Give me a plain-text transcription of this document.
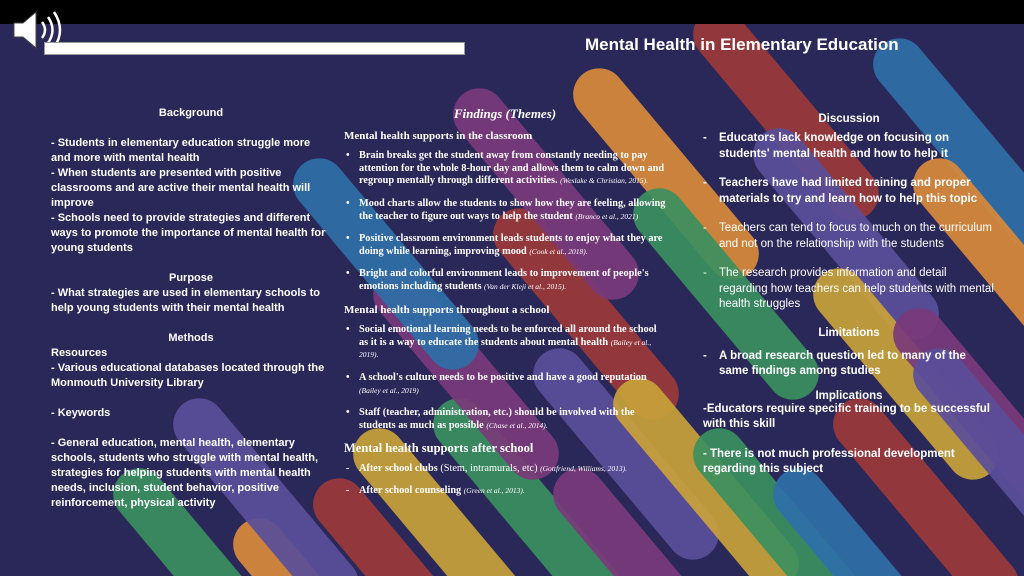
Mental Health in Elementary Education
Background
- Students in elementary education struggle more and more with mental health
- When students are presented with positive classrooms and are active their mental health will improve
- Schools need to provide strategies and different ways to promote the importance of mental health for young students
Purpose
- What strategies are used in elementary schools to help young students with their mental health
Methods
Resources
- Various educational databases located through the Monmouth University Library
- Keywords
- General education, mental health, elementary schools, students who struggle with mental health, strategies for helping students with mental health needs, inclusion, student behavior, positive reinforcement, physical activity
Findings (Themes)
Mental health supports in the classroom
• Brain breaks get the student away from constantly needing to pay attention for the whole 8-hour day and allows them to calm down and regroup mentally through different activities. (Weslake & Christian, 2015).
• Mood charts allow the students to show how they are feeling, allowing the teacher to figure out ways to help the student (Branco et al., 2021)
• Positive classroom environment leads students to enjoy what they are doing while learning, improving mood (Cook et al., 2018).
• Bright and colorful environment leads to improvement of people's emotions including students (Van der Kleji et al., 2015).
Mental health supports throughout a school
• Social emotional learning needs to be enforced all around the school as it is a way to educate the students about mental health (Bailey et al., 2019).
• A school's culture needs to be positive and have a good reputation (Bailey et al., 2019)
• Staff (teacher, administration, etc.) should be involved with the students as much as possible (Chase et al., 2014).
Mental health supports after school
- After school clubs (Stem, intramurals, etc) (Gottfriend, Williams, 2013).
- After school counseling (Green et al., 2013).
Discussion
- Educators lack knowledge on focusing on students' mental health and how to help it
- Teachers have had limited training and proper materials to try and learn how to help this topic
- Teachers can tend to focus to much on the curriculum and not on the relationship with the students
- The research provides information and detail regarding how teachers can help students with mental health struggles
Limitations
- A broad research question led to many of the same findings among studies
Implications
-Educators require specific training to be successful with this skill
- There is not much professional development regarding this subject
